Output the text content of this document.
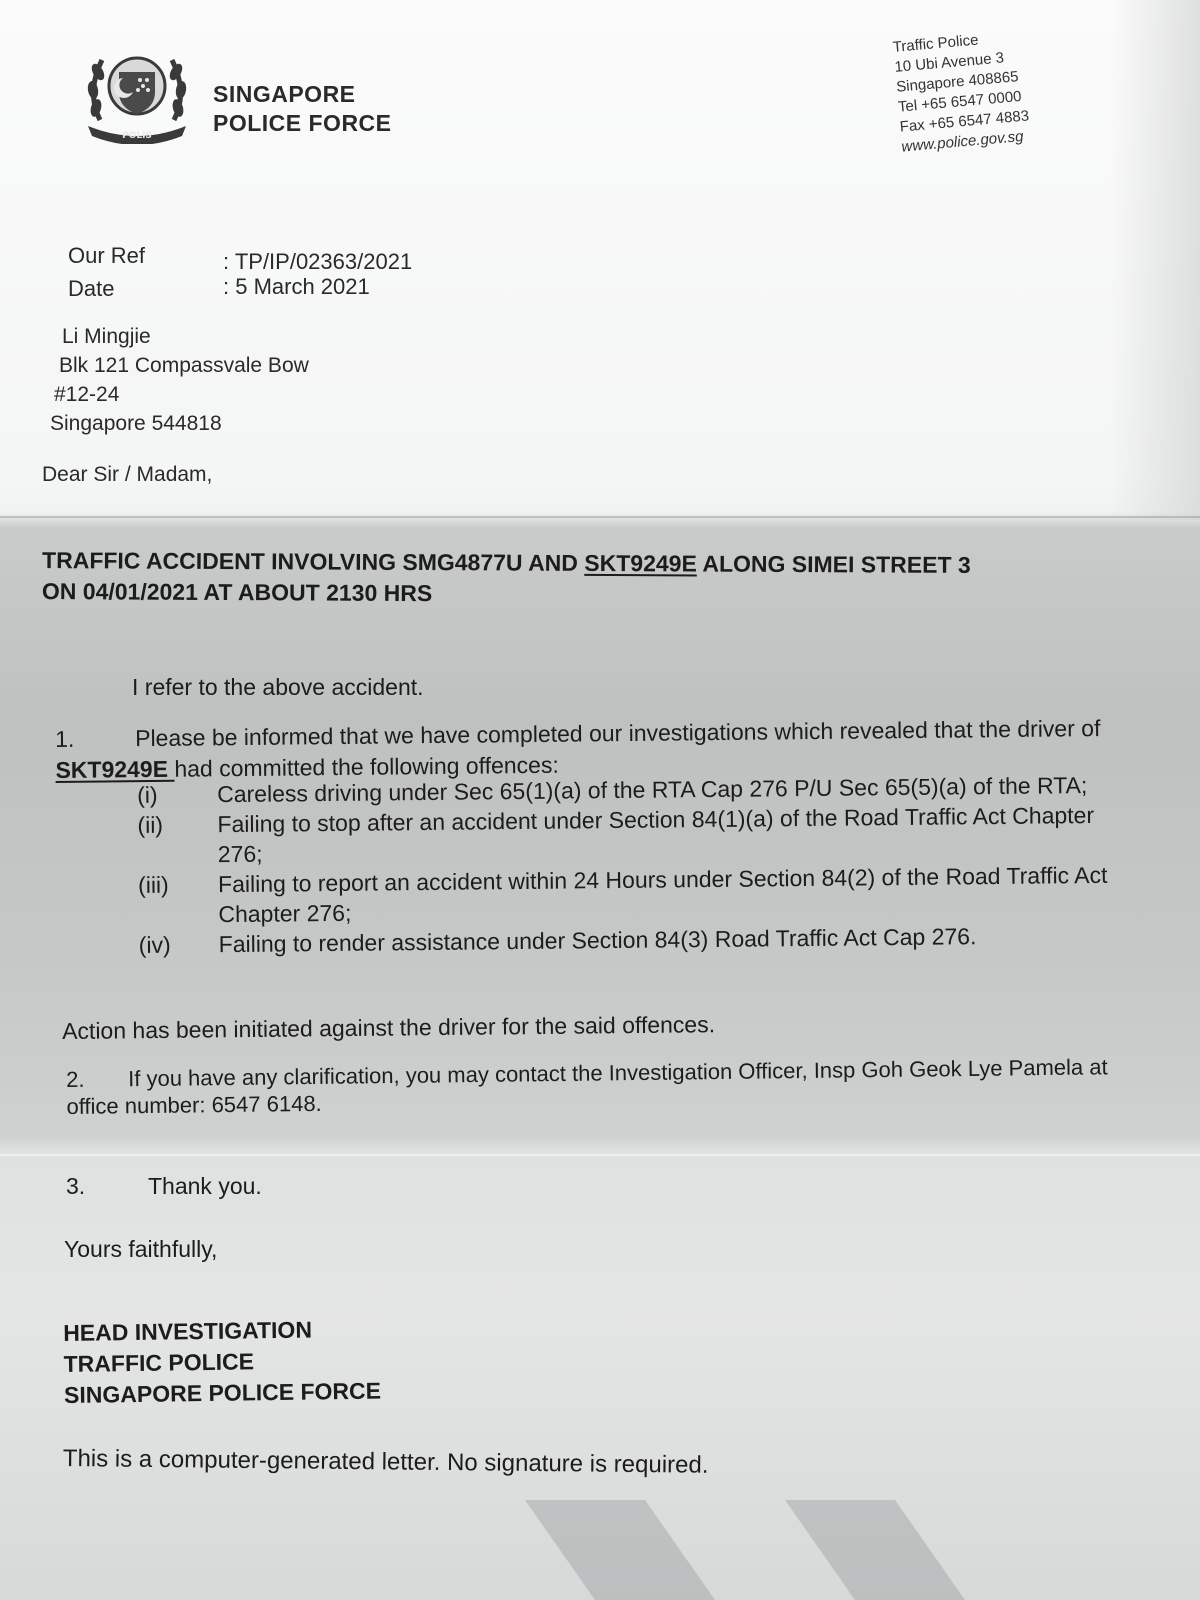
POLIS
SINGAPORE
POLICE FORCE
Traffic Police
10 Ubi Avenue 3
Singapore 408865
Tel +65 6547 0000
Fax +65 6547 4883
www.police.gov.sg
Our Ref	: TP/IP/02363/2021
Date	: 5 March 2021
Li Mingjie
Blk 121 Compassvale Bow
#12-24
Singapore 544818
Dear Sir / Madam,
TRAFFIC ACCIDENT INVOLVING SMG4877U AND SKT9249E ALONG SIMEI STREET 3
ON 04/01/2021 AT ABOUT 2130 HRS
I refer to the above accident.
1.	Please be informed that we have completed our investigations which revealed that the driver of SKT9249E had committed the following offences:
(i)	Careless driving under Sec 65(1)(a) of the RTA Cap 276 P/U Sec 65(5)(a) of the RTA;
(ii)	Failing to stop after an accident under Section 84(1)(a) of the Road Traffic Act Chapter 276;
(iii)	Failing to report an accident within 24 Hours under Section 84(2) of the Road Traffic Act Chapter 276;
(iv)	Failing to render assistance under Section 84(3) Road Traffic Act Cap 276.
Action has been initiated against the driver for the said offences.
2. If you have any clarification, you may contact the Investigation Officer, Insp Goh Geok Lye Pamela at office number: 6547 6148.
3.	Thank you.
Yours faithfully,
HEAD INVESTIGATION
TRAFFIC POLICE
SINGAPORE POLICE FORCE
This is a computer-generated letter. No signature is required.
